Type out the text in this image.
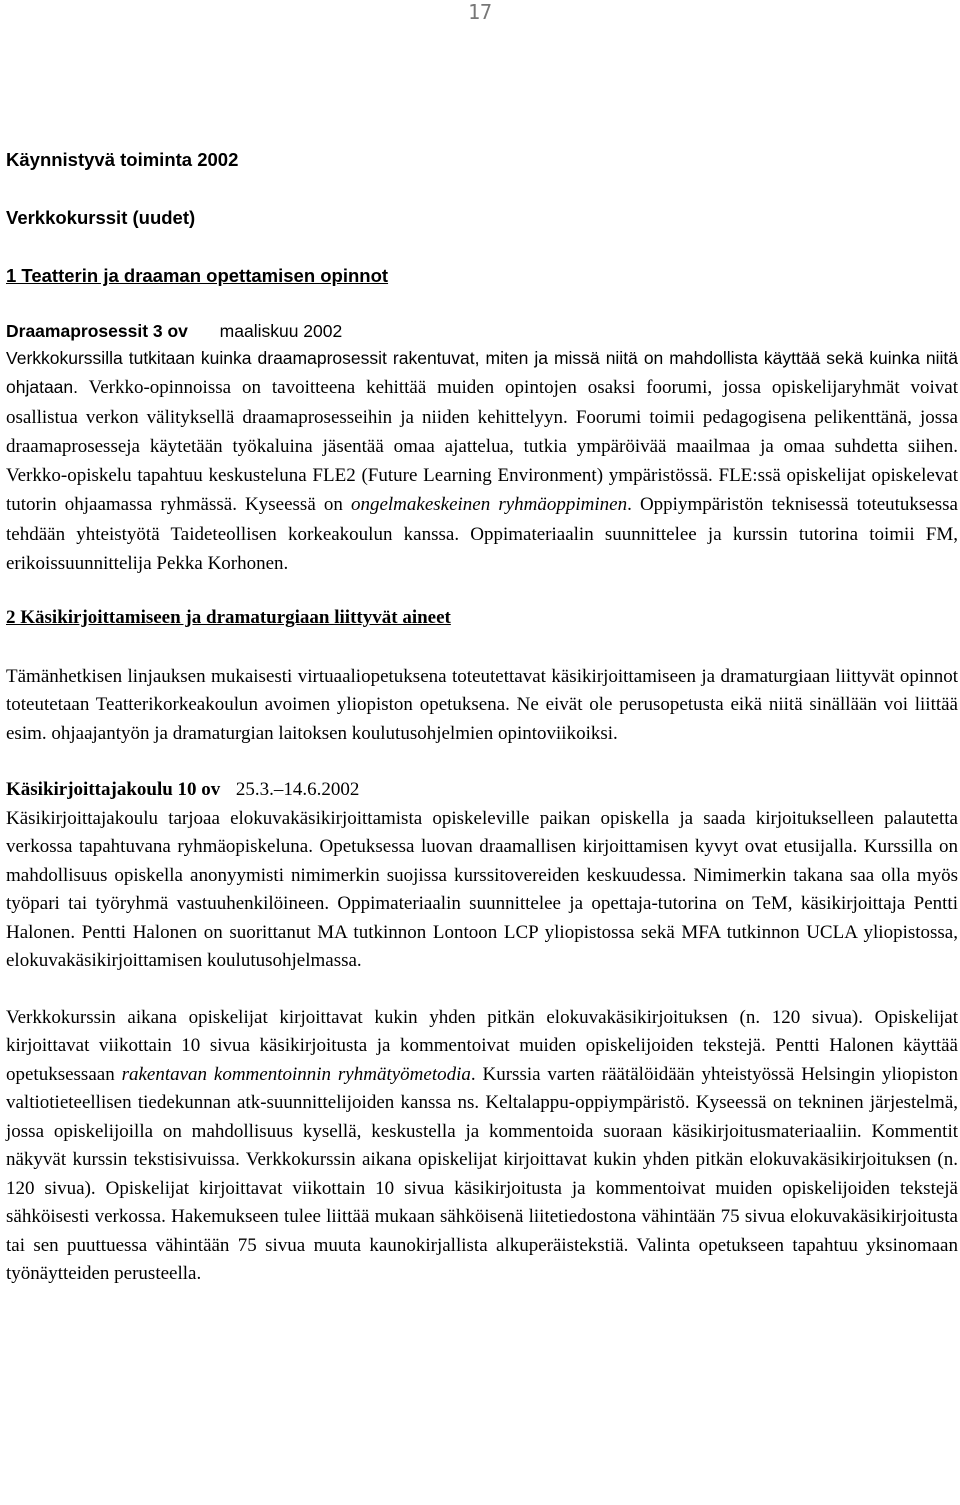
17
Käynnistyvä toiminta 2002
Verkkokurssit (uudet)
1 Teatterin ja draaman opettamisen opinnot
Draamaprosessit 3 ov maaliskuu 2002

Verkkokurssilla tutkitaan kuinka draamaprosessit rakentuvat, miten ja missä niitä on mahdollista käyttää sekä kuinka niitä ohjataan. Verkko-opinnoissa on tavoitteena kehittää muiden opintojen osaksi foorumi, jossa opiskelijaryhmät voivat osallistua verkon välityksellä draamaprosesseihin ja niiden kehittelyyn. Foorumi toimii pedagogisena pelikenttänä, jossa draamaprosesseja käytetään työkaluina jäsentää omaa ajattelua, tutkia ympäröivää maailmaa ja omaa suhdetta siihen. Verkko-opiskelu tapahtuu keskusteluna FLE2 (Future Learning Environment) ympäristössä. FLE:ssä opiskelijat opiskelevat tutorin ohjaamassa ryhmässä. Kyseessä on ongelmakeskeinen ryhmäoppiminen. Oppiympäristön teknisessä toteutuksessa tehdään yhteistyötä Taideteollisen korkeakoulun kanssa. Oppimateriaalin suunnittelee ja kurssin tutorina toimii FM, erikoissuunnittelija Pekka Korhonen.

2 Käsikirjoittamiseen ja dramaturgiaan liittyvät aineet

Tämänhetkisen linjauksen mukaisesti virtuaaliopetuksena toteutettavat käsikirjoittamiseen ja dramaturgiaan liittyvät opinnot toteutetaan Teatterikorkeakoulun avoimen yliopiston opetuksena. Ne eivät ole perusopetusta eikä niitä sinällään voi liittää esim. ohjaajantyön ja dramaturgian laitoksen koulutusohjelmien opintoviikoiksi.

Käsikirjoittajakoulu 10 ov 25.3.–14.6.2002

Käsikirjoittajakoulu tarjoaa elokuvakäsikirjoittamista opiskeleville paikan opiskella ja saada kirjoitukselleen palautetta verkossa tapahtuvana ryhmäopiskeluna. Opetuksessa luovan draamallisen kirjoittamisen kyvyt ovat etusijalla. Kurssilla on mahdollisuus opiskella anonyymisti nimimerkin suojissa kurssitovereiden keskuudessa. Nimimerkin takana saa olla myös työpari tai työryhmä vastuuhenkilöineen. Oppimateriaalin suunnittelee ja opettaja-tutorina on TeM, käsikirjoittaja Pentti Halonen. Pentti Halonen on suorittanut MA tutkinnon Lontoon LCP yliopistossa sekä MFA tutkinnon UCLA yliopistossa, elokuvakäsikirjoittamisen koulutusohjelmassa.

Verkkokurssin aikana opiskelijat kirjoittavat kukin yhden pitkän elokuvakäsikirjoituksen (n. 120 sivua). Opiskelijat kirjoittavat viikottain 10 sivua käsikirjoitusta ja kommentoivat muiden opiskelijoiden tekstejä. Pentti Halonen käyttää opetuksessaan rakentavan kommentoinnin ryhmätyömetodia. Kurssia varten räätälöidään yhteistyössä Helsingin yliopiston valtiotieteellisen tiedekunnan atk-suunnittelijoiden kanssa ns. Keltalappu-oppiympäristö. Kyseessä on tekninen järjestelmä, jossa opiskelijoilla on mahdollisuus kysellä, keskustella ja kommentoida suoraan käsikirjoitusmateriaaliin. Kommentit näkyvät kurssin tekstisivuissa. Verkkokurssin aikana opiskelijat kirjoittavat kukin yhden pitkän elokuvakäsikirjoituksen (n. 120 sivua). Opiskelijat kirjoittavat viikottain 10 sivua käsikirjoitusta ja kommentoivat muiden opiskelijoiden tekstejä sähköisesti verkossa. Hakemukseen tulee liittää mukaan sähköisenä liitetiedostona vähintään 75 sivua elokuvakäsikirjoitusta tai sen puuttuessa vähintään 75 sivua muuta kaunokirjallista alkuperäistekstiä. Valinta opetukseen tapahtuu yksinomaan työnäytteiden perusteella.
